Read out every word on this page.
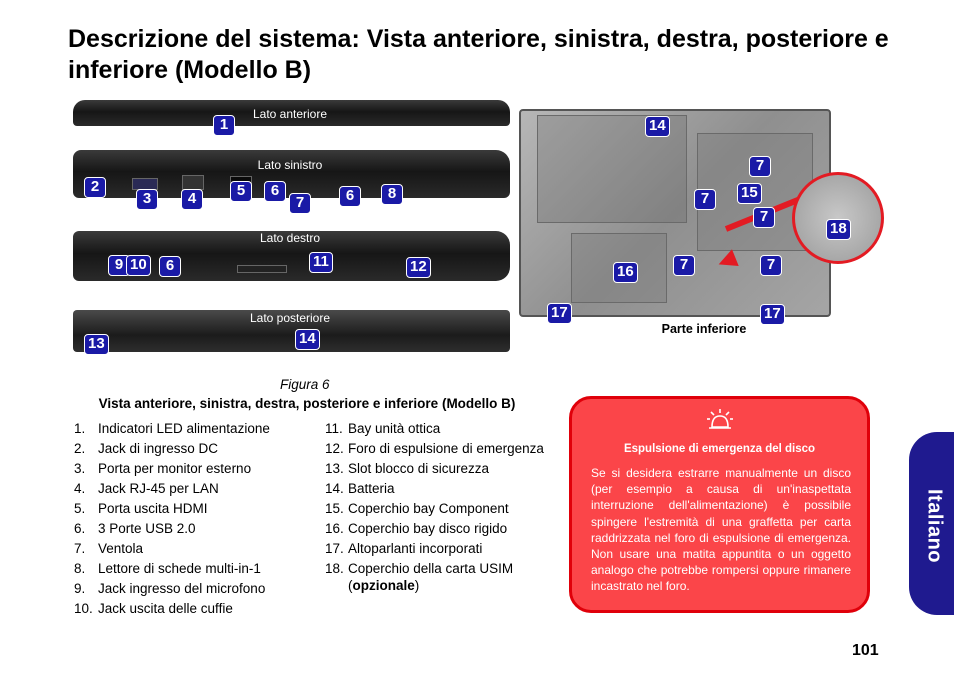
Descrizione del sistema: Vista anteriore, sinistra, destra, posteriore e inferiore (Modello B)
Lato anteriore
1
Lato sinistro
2
3	4	5	6
7	6	8
Lato destro
9 10	6	11	12
Lato posteriore
13	14
14
7
7	15
7
18
16	7	7
17	17
Parte inferiore
Figura 6
Vista anteriore, sinistra, destra, posteriore e inferiore (Modello B)
1. Indicatori LED alimentazione
2. Jack di ingresso DC
3. Porta per monitor esterno
4. Jack RJ-45 per LAN
5. Porta uscita HDMI
6. 3 Porte USB 2.0
7. Ventola
8. Lettore di schede multi-in-1
9. Jack ingresso del microfono
10. Jack uscita delle cuffie
11. Bay unità ottica
12. Foro di espulsione di emergenza
13. Slot blocco di sicurezza
14. Batteria
15. Coperchio bay Component
16. Coperchio bay disco rigido
17. Altoparlanti incorporati
18. Coperchio della carta USIM
(opzionale)
Espulsione di emergenza del disco
Se si desidera estrarre manualmente un disco (per esempio a causa di un'inaspettata interruzione dell'alimentazione) è possibile spingere l'estremità di una graffetta per carta raddrizzata nel foro di espulsione di emergenza. Non usare una matita appuntita o un oggetto analogo che potrebbe rompersi oppure rimanere incastrato nel foro.
Italiano
101
